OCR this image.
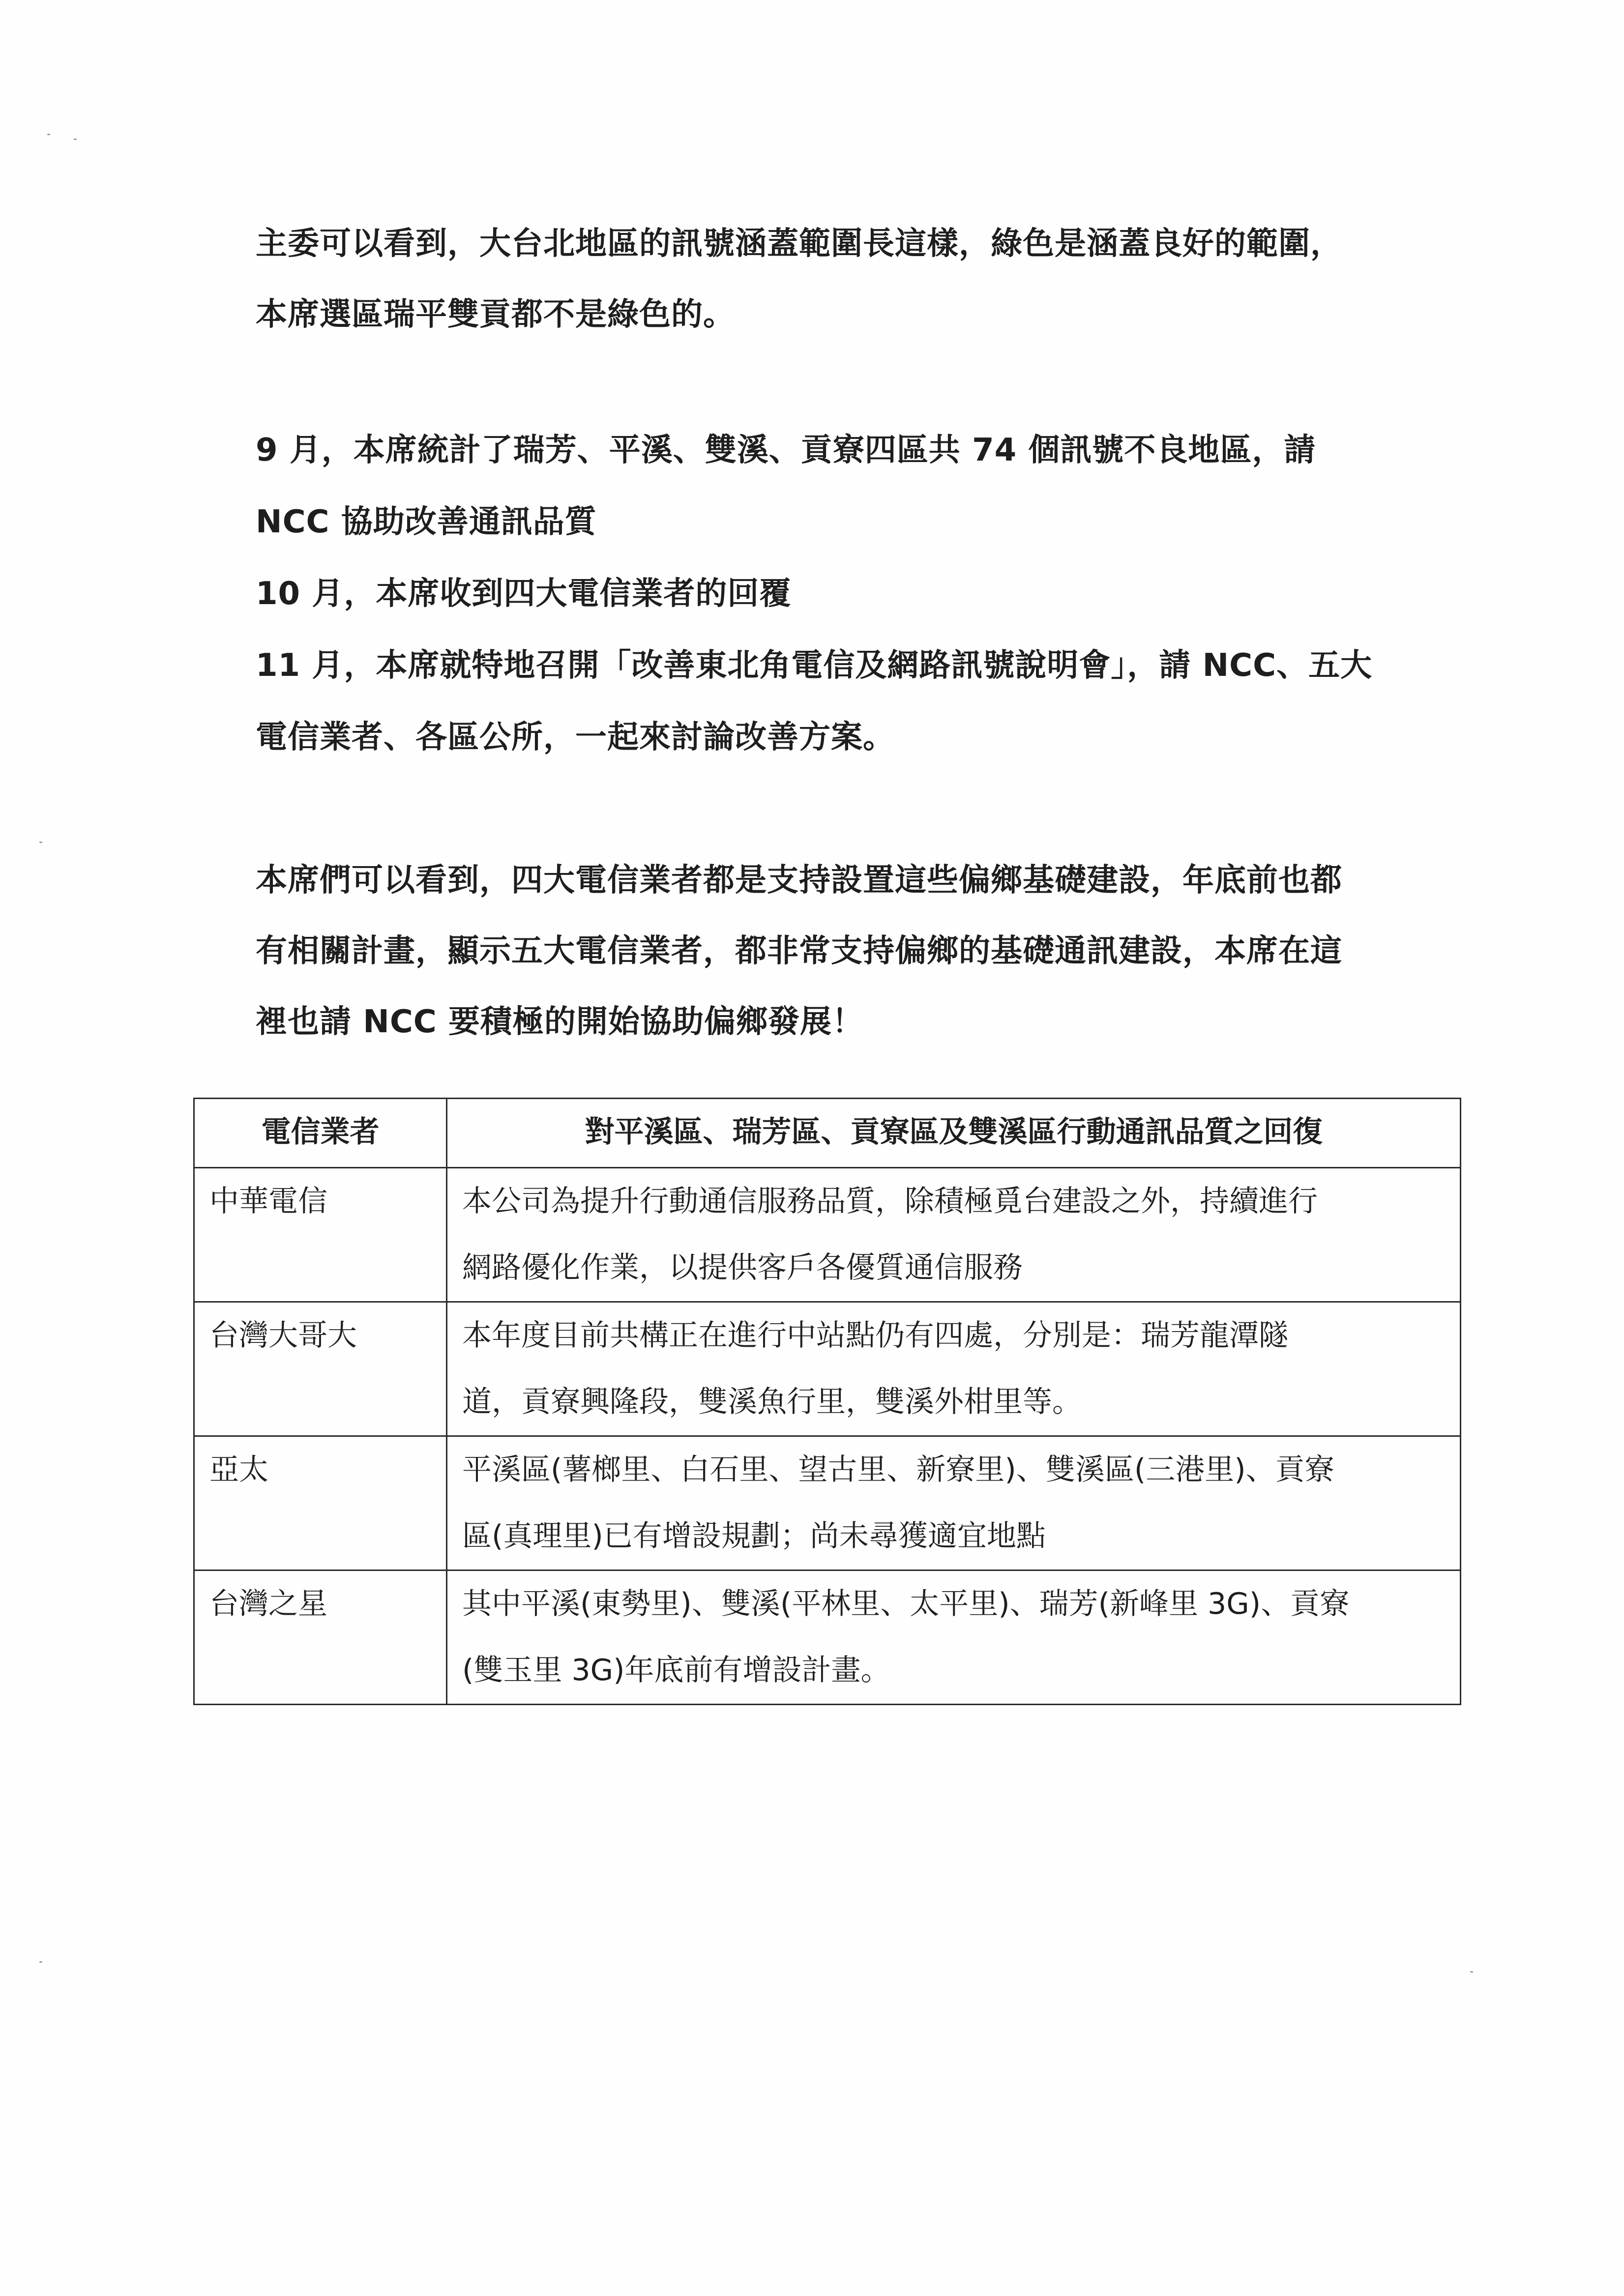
主委可以看到，大台北地區的訊號涵蓋範圍長這樣，綠色是涵蓋良好的範圍，
本席選區瑞平雙貢都不是綠色的。
9 月，本席統計了瑞芳、平溪、雙溪、貢寮四區共 74 個訊號不良地區，請
NCC 協助改善通訊品質
10 月，本席收到四大電信業者的回覆
11 月，本席就特地召開「改善東北角電信及網路訊號說明會」，請 NCC、五大
電信業者、各區公所，一起來討論改善方案。
本席們可以看到，四大電信業者都是支持設置這些偏鄉基礎建設，年底前也都
有相關計畫，顯示五大電信業者，都非常支持偏鄉的基礎通訊建設，本席在這
裡也請 NCC 要積極的開始協助偏鄉發展！
電信業者	對平溪區、瑞芳區、貢寮區及雙溪區行動通訊品質之回復
中華電信	本公司為提升行動通信服務品質，除積極覓台建設之外，持續進行
網路優化作業，以提供客戶各優質通信服務

台灣大哥大	本年度目前共構正在進行中站點仍有四處，分別是：瑞芳龍潭隧
道，貢寮興隆段，雙溪魚行里，雙溪外柑里等。

亞太	平溪區(薯榔里、白石里、望古里、新寮里)、雙溪區(三港里)、貢寮
區(真理里)已有增設規劃；尚未尋獲適宜地點

台灣之星	其中平溪(東勢里)、雙溪(平林里、太平里)、瑞芳(新峰里 3G)、貢寮
(雙玉里 3G)年底前有增設計畫。
